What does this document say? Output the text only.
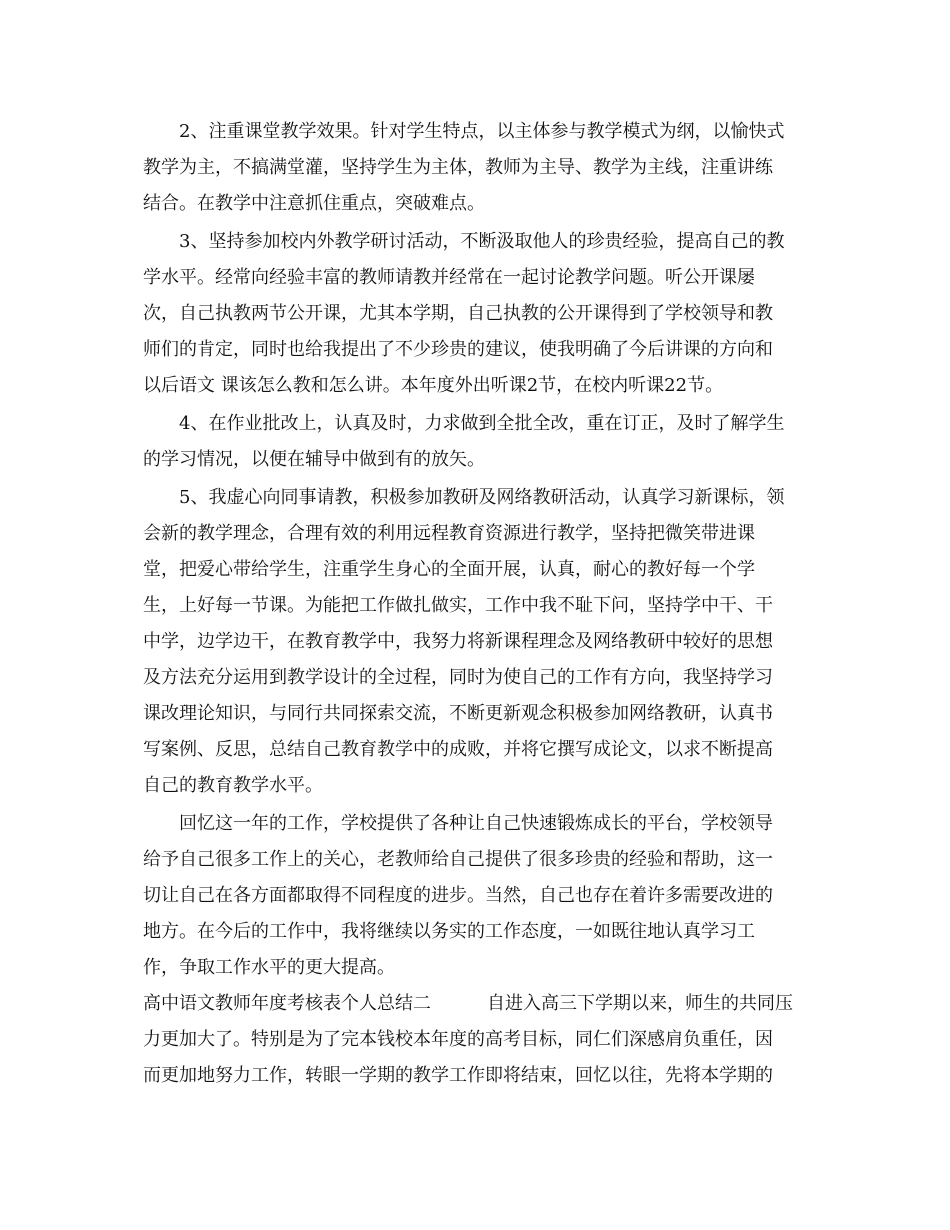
2、注重课堂教学效果。针对学生特点，以主体参与教学模式为纲，以愉快式

教学为主，不搞满堂灌，坚持学生为主体，教师为主导、教学为主线，注重讲练

结合。在教学中注意抓住重点，突破难点。

3、坚持参加校内外教学研讨活动，不断汲取他人的珍贵经验，提高自己的教

学水平。经常向经验丰富的教师请教并经常在一起讨论教学问题。听公开课屡

次，自己执教两节公开课，尤其本学期，自己执教的公开课得到了学校领导和教

师们的肯定，同时也给我提出了不少珍贵的建议，使我明确了今后讲课的方向和

以后语文 课该怎么教和怎么讲。本年度外出听课2节，在校内听课22节。

4、在作业批改上，认真及时，力求做到全批全改，重在订正，及时了解学生

的学习情况，以便在辅导中做到有的放矢。

5、我虚心向同事请教，积极参加教研及网络教研活动，认真学习新课标，领

会新的教学理念，合理有效的利用远程教育资源进行教学，坚持把微笑带进课

堂，把爱心带给学生，注重学生身心的全面开展，认真，耐心的教好每一个学

生，上好每一节课。为能把工作做扎做实，工作中我不耻下问，坚持学中干、干

中学，边学边干，在教育教学中，我努力将新课程理念及网络教研中较好的思想

及方法充分运用到教学设计的全过程，同时为使自己的工作有方向，我坚持学习

课改理论知识，与同行共同探索交流，不断更新观念积极参加网络教研，认真书

写案例、反思，总结自己教育教学中的成败，并将它撰写成论文，以求不断提高

自己的教育教学水平。

回忆这一年的工作，学校提供了各种让自己快速锻炼成长的平台，学校领导

给予自己很多工作上的关心，老教师给自己提供了很多珍贵的经验和帮助，这一

切让自己在各方面都取得不同程度的进步。当然，自己也存在着许多需要改进的

地方。在今后的工作中，我将继续以务实的工作态度，一如既往地认真学习工

作，争取工作水平的更大提高。

高中语文教师年度考核表个人总结二	自进入高三下学期以来，师生的共同压

力更加大了。特别是为了完本钱校本年度的高考目标，同仁们深感肩负重任，因

而更加地努力工作，转眼一学期的教学工作即将结束，回忆以往，先将本学期的
